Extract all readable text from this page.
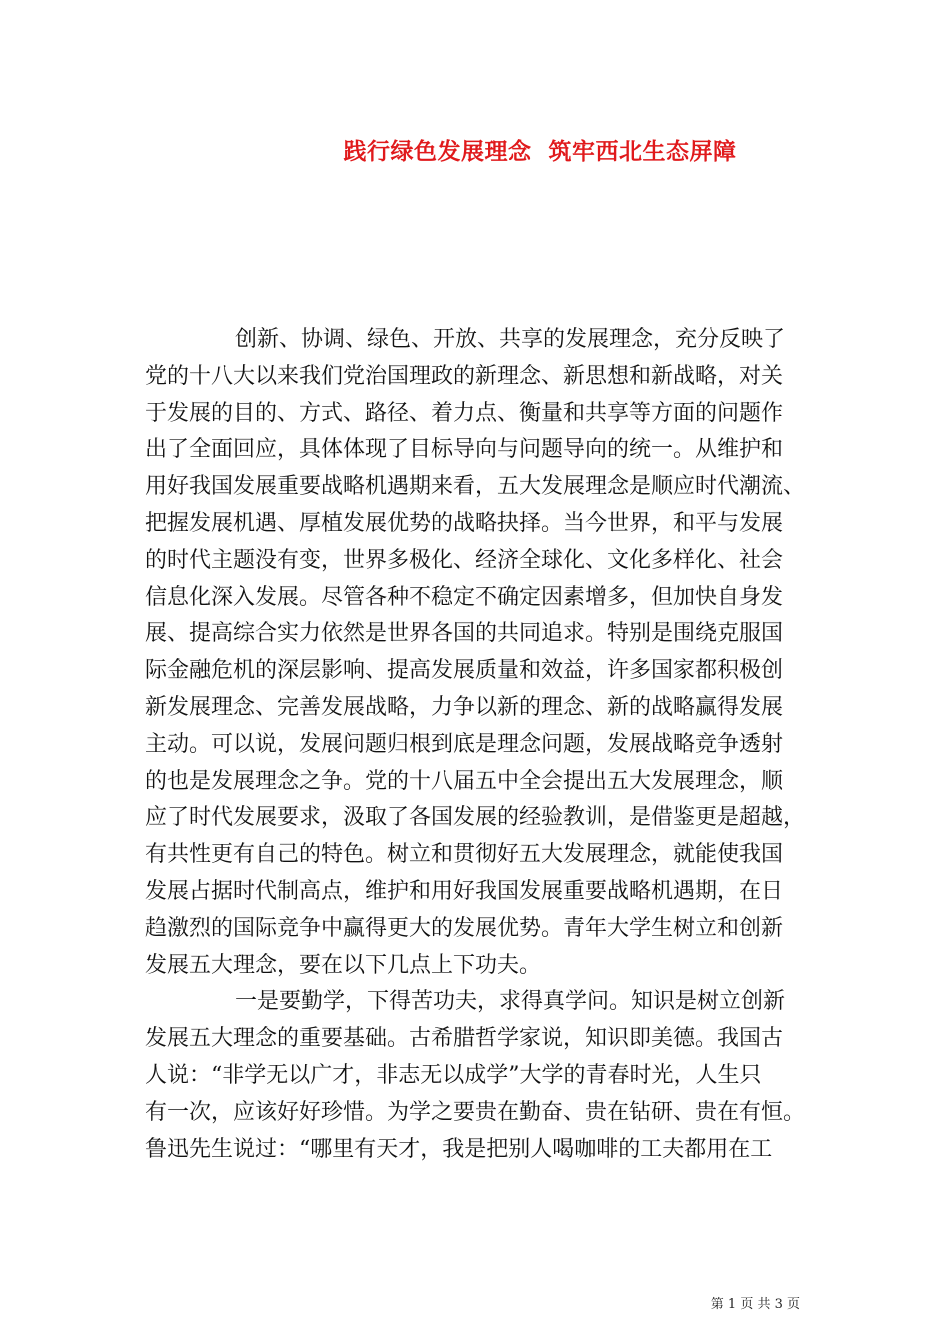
践行绿色发展理念  筑牢西北生态屏障
创新、协调、绿色、开放、共享的发展理念，充分反映了
党的十八大以来我们党治国理政的新理念、新思想和新战略，对关
于发展的目的、方式、路径、着力点、衡量和共享等方面的问题作
出了全面回应，具体体现了目标导向与问题导向的统一。从维护和
用好我国发展重要战略机遇期来看，五大发展理念是顺应时代潮流、
把握发展机遇、厚植发展优势的战略抉择。当今世界，和平与发展
的时代主题没有变，世界多极化、经济全球化、文化多样化、社会
信息化深入发展。尽管各种不稳定不确定因素增多，但加快自身发
展、提高综合实力依然是世界各国的共同追求。特别是围绕克服国
际金融危机的深层影响、提高发展质量和效益，许多国家都积极创
新发展理念、完善发展战略，力争以新的理念、新的战略赢得发展
主动。可以说，发展问题归根到底是理念问题，发展战略竞争透射
的也是发展理念之争。党的十八届五中全会提出五大发展理念，顺
应了时代发展要求，汲取了各国发展的经验教训，是借鉴更是超越，
有共性更有自己的特色。树立和贯彻好五大发展理念，就能使我国
发展占据时代制高点，维护和用好我国发展重要战略机遇期，在日
趋激烈的国际竞争中赢得更大的发展优势。青年大学生树立和创新
发展五大理念，要在以下几点上下功夫。
一是要勤学，下得苦功夫，求得真学问。知识是树立创新
发展五大理念的重要基础。古希腊哲学家说，知识即美德。我国古
人说：“非学无以广才，非志无以成学”大学的青春时光，人生只
有一次，应该好好珍惜。为学之要贵在勤奋、贵在钻研、贵在有恒。
鲁迅先生说过：“哪里有天才，我是把别人喝咖啡的工夫都用在工
第 1 页 共 3 页
